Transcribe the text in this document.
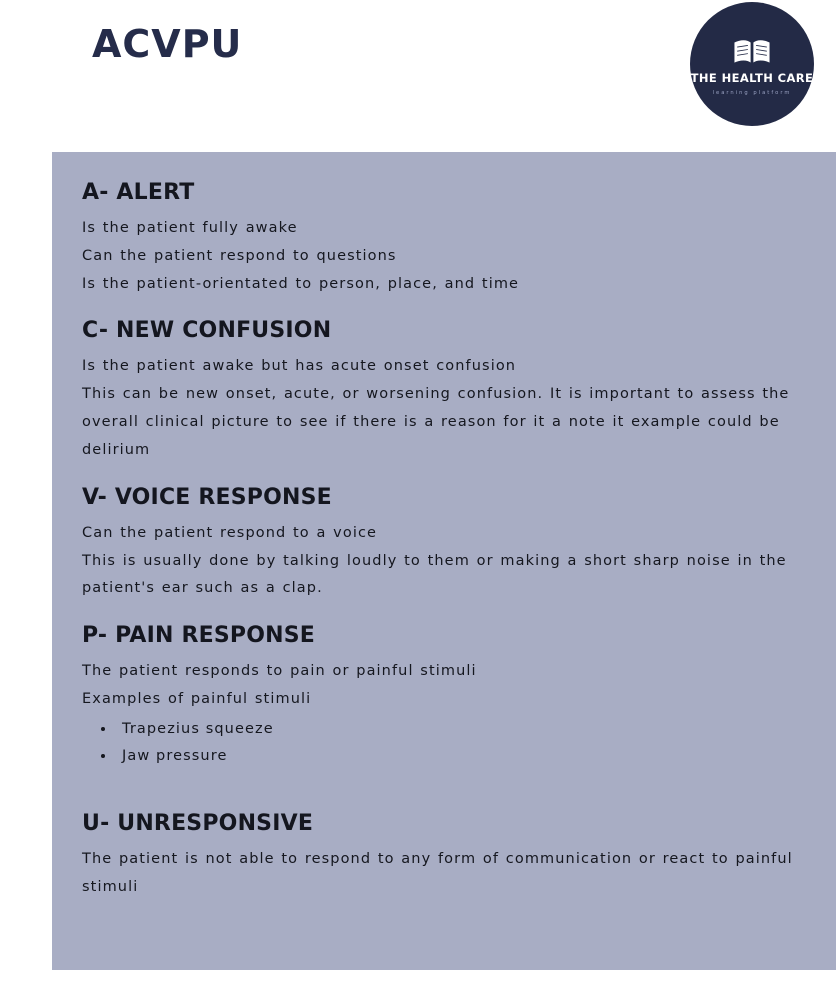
ACVPU
THE HEALTH CARE
learning platform
A- ALERT

Is the patient fully awake

Can the patient respond to questions

Is the patient-orientated to person, place, and time

C- NEW CONFUSION

Is the patient awake but has acute onset confusion

This can be new onset, acute, or worsening confusion. It is important to assess the overall clinical picture to see if there is a reason for it a note it example could be delirium

V- VOICE RESPONSE

Can the patient respond to a voice

This is usually done by talking loudly to them or making a short sharp noise in the patient's ear such as a clap.

P- PAIN RESPONSE

The patient responds to pain or painful stimuli

Examples of painful stimuli

• Trapezius squeeze
• Jaw pressure
U- UNRESPONSIVE

The patient is not able to respond to any form of communication or react to painful stimuli
